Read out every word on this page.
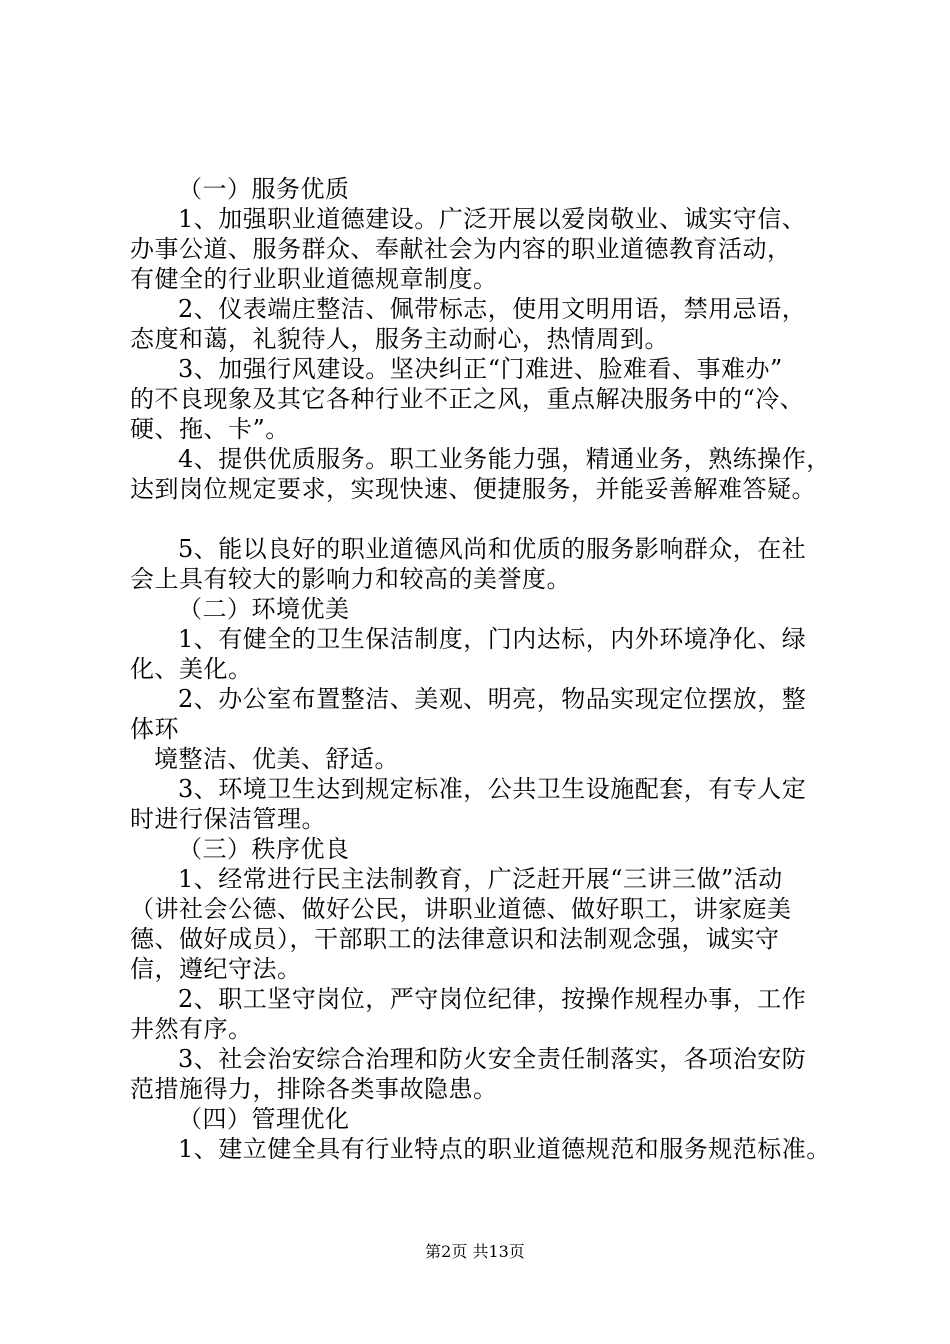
（一）服务优质
1、加强职业道德建设。广泛开展以爱岗敬业、诚实守信、
办事公道、服务群众、奉献社会为内容的职业道德教育活动，
有健全的行业职业道德规章制度。
2、仪表端庄整洁、佩带标志，使用文明用语，禁用忌语，
态度和蔼，礼貌待人，服务主动耐心，热情周到。
3、加强行风建设。坚决纠正“门难进、脸难看、事难办”
的不良现象及其它各种行业不正之风，重点解决服务中的“冷、
硬、拖、卡”。
4、提供优质服务。职工业务能力强，精通业务，熟练操作，
达到岗位规定要求，实现快速、便捷服务，并能妥善解难答疑。
5、能以良好的职业道德风尚和优质的服务影响群众，在社
会上具有较大的影响力和较高的美誉度。
（二）环境优美
1、有健全的卫生保洁制度，门内达标，内外环境净化、绿
化、美化。
2、办公室布置整洁、美观、明亮，物品实现定位摆放，整
体环
境整洁、优美、舒适。
3、环境卫生达到规定标准，公共卫生设施配套，有专人定
时进行保洁管理。
（三）秩序优良
1、经常进行民主法制教育，广泛赶开展“三讲三做”活动
（讲社会公德、做好公民，讲职业道德、做好职工，讲家庭美
德、做好成员），干部职工的法律意识和法制观念强，诚实守
信，遵纪守法。
2、职工坚守岗位，严守岗位纪律，按操作规程办事，工作
井然有序。
3、社会治安综合治理和防火安全责任制落实，各项治安防
范措施得力，排除各类事故隐患。
（四）管理优化
1、建立健全具有行业特点的职业道德规范和服务规范标准。
第2页 共13页
